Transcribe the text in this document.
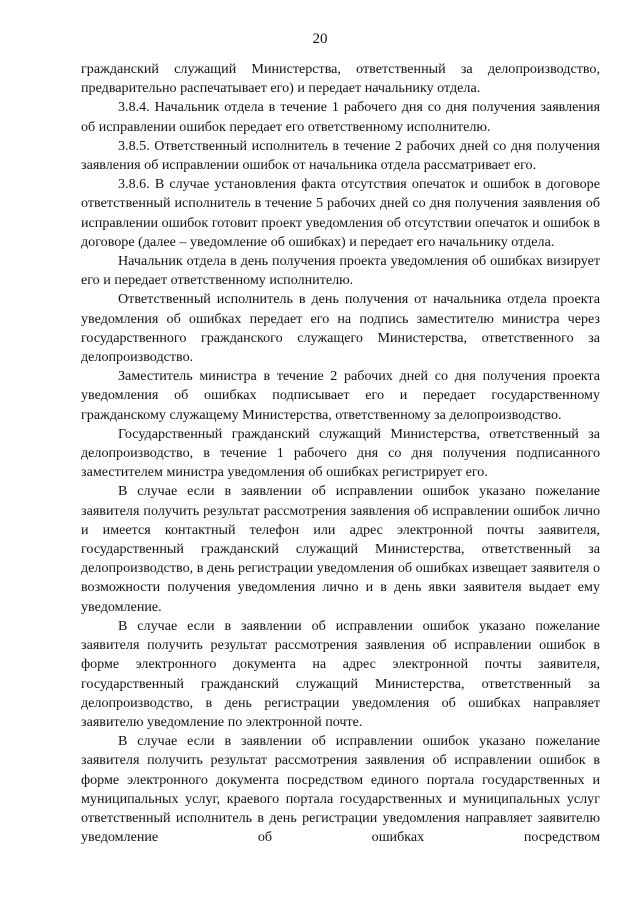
20

гражданский служащий Министерства, ответственный за делопроизводство, предварительно распечатывает его) и передает начальнику отдела.

3.8.4. Начальник отдела в течение 1 рабочего дня со дня получения заявления об исправлении ошибок передает его ответственному исполнителю.

3.8.5. Ответственный исполнитель в течение 2 рабочих дней со дня получения заявления об исправлении ошибок от начальника отдела рассматривает его.

3.8.6. В случае установления факта отсутствия опечаток и ошибок в договоре ответственный исполнитель в течение 5 рабочих дней со дня получения заявления об исправлении ошибок готовит проект уведомления об отсутствии опечаток и ошибок в договоре (далее – уведомление об ошибках) и передает его начальнику отдела.

Начальник отдела в день получения проекта уведомления об ошибках визирует его и передает ответственному исполнителю.

Ответственный исполнитель в день получения от начальника отдела проекта уведомления об ошибках передает его на подпись заместителю министра через государственного гражданского служащего Министерства, ответственного за делопроизводство.

Заместитель министра в течение 2 рабочих дней со дня получения проекта уведомления об ошибках подписывает его и передает государственному гражданскому служащему Министерства, ответственному за делопроизводство.

Государственный гражданский служащий Министерства, ответственный за делопроизводство, в течение 1 рабочего дня со дня получения подписанного заместителем министра уведомления об ошибках регистрирует его.

В случае если в заявлении об исправлении ошибок указано пожелание заявителя получить результат рассмотрения заявления об исправлении ошибок лично и имеется контактный телефон или адрес электронной почты заявителя, государственный гражданский служащий Министерства, ответственный за делопроизводство, в день регистрации уведомления об ошибках извещает заявителя о возможности получения уведомления лично и в день явки заявителя выдает ему уведомление.

В случае если в заявлении об исправлении ошибок указано пожелание заявителя получить результат рассмотрения заявления об исправлении ошибок в форме электронного документа на адрес электронной почты заявителя, государственный гражданский служащий Министерства, ответственный за делопроизводство, в день регистрации уведомления об ошибках направляет заявителю уведомление по электронной почте.

В случае если в заявлении об исправлении ошибок указано пожелание заявителя получить результат рассмотрения заявления об исправлении ошибок в форме электронного документа посредством единого портала государственных и муниципальных услуг, краевого портала государственных и муниципальных услуг ответственный исполнитель в день регистрации уведомления направляет заявителю уведомление об ошибках посредством
